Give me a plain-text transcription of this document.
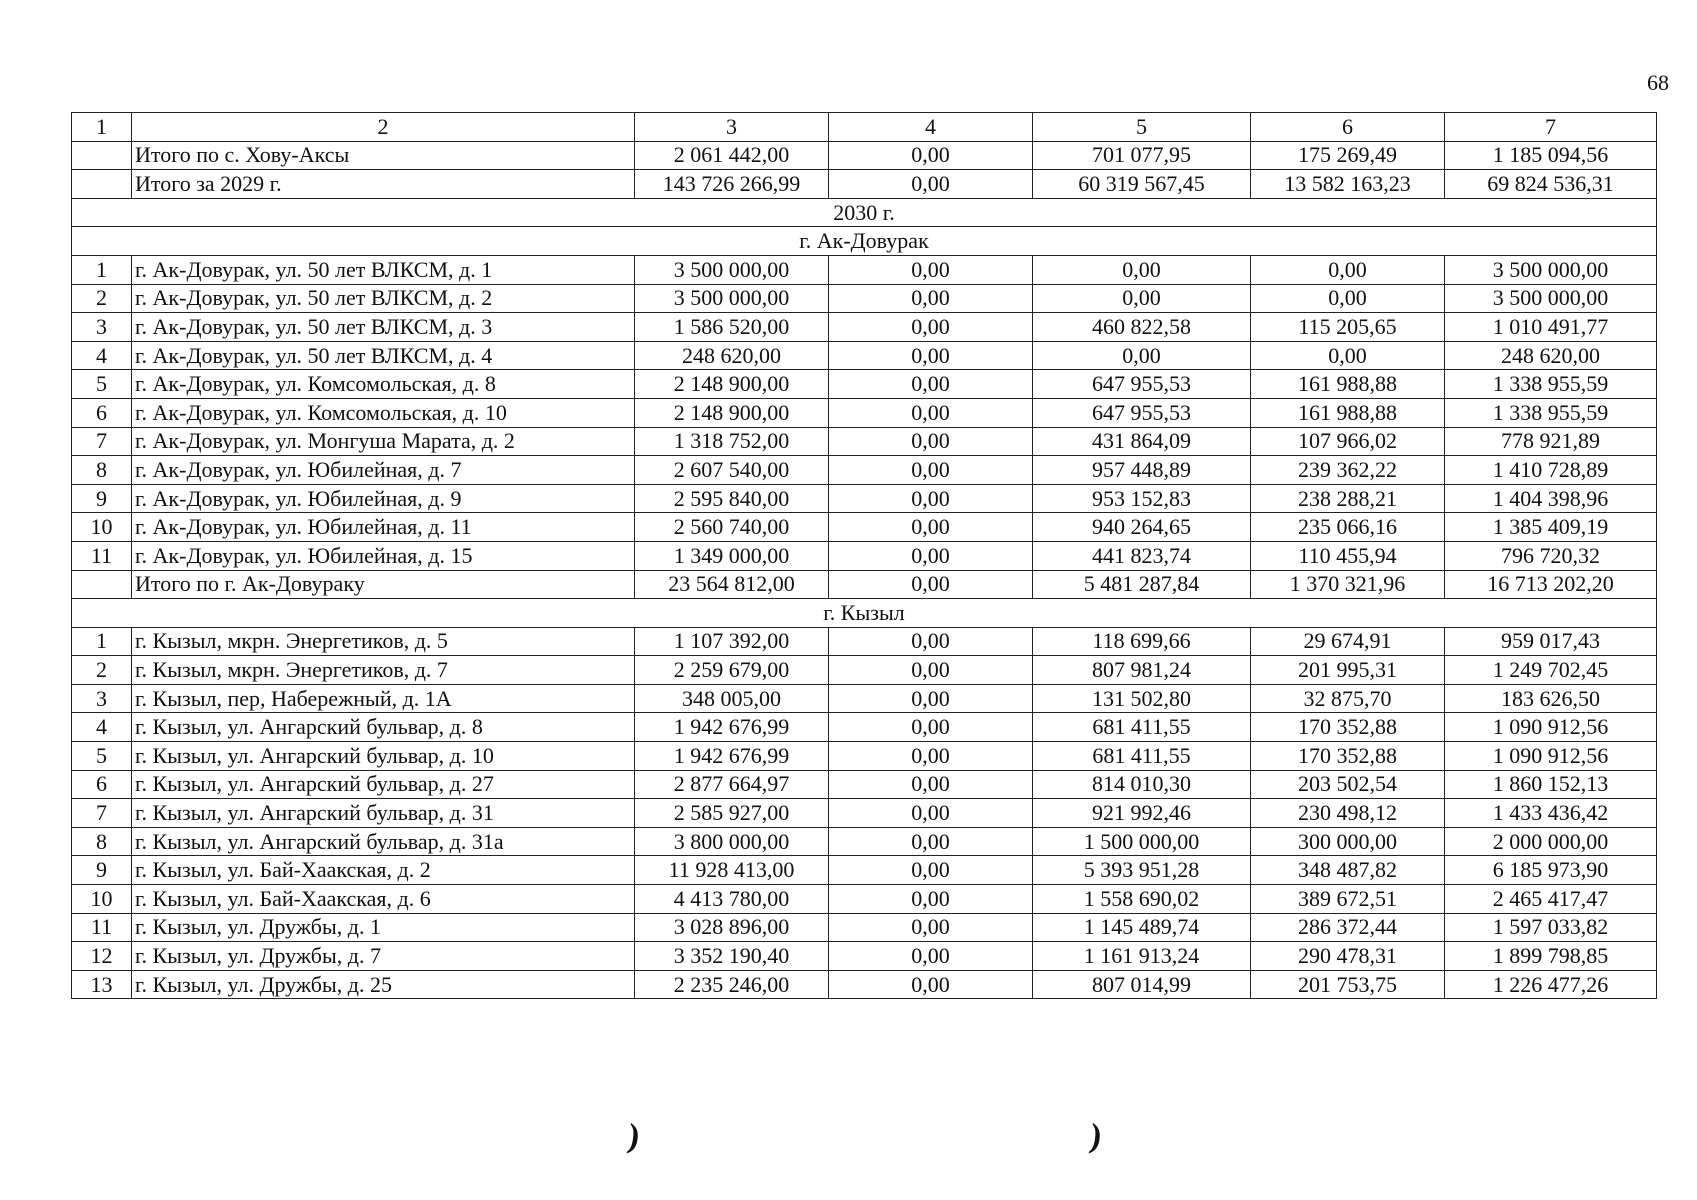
68
1	2	3	4	5	6	7
	Итого по с. Хову-Аксы	2 061 442,00	0,00	701 077,95	175 269,49	1 185 094,56
	Итого за 2029 г.	143 726 266,99	0,00	60 319 567,45	13 582 163,23	69 824 536,31
2030 г.						
г. Ак-Довурак						
1	г. Ак-Довурак, ул. 50 лет ВЛКСМ, д. 1	3 500 000,00	0,00	0,00	0,00	3 500 000,00
2	г. Ак-Довурак, ул. 50 лет ВЛКСМ, д. 2	3 500 000,00	0,00	0,00	0,00	3 500 000,00
3	г. Ак-Довурак, ул. 50 лет ВЛКСМ, д. 3	1 586 520,00	0,00	460 822,58	115 205,65	1 010 491,77
4	г. Ак-Довурак, ул. 50 лет ВЛКСМ, д. 4	248 620,00	0,00	0,00	0,00	248 620,00
5	г. Ак-Довурак, ул. Комсомольская, д. 8	2 148 900,00	0,00	647 955,53	161 988,88	1 338 955,59
6	г. Ак-Довурак, ул. Комсомольская, д. 10	2 148 900,00	0,00	647 955,53	161 988,88	1 338 955,59
7	г. Ак-Довурак, ул. Монгуша Марата, д. 2	1 318 752,00	0,00	431 864,09	107 966,02	778 921,89
8	г. Ак-Довурак, ул. Юбилейная, д. 7	2 607 540,00	0,00	957 448,89	239 362,22	1 410 728,89
9	г. Ак-Довурак, ул. Юбилейная, д. 9	2 595 840,00	0,00	953 152,83	238 288,21	1 404 398,96
10	г. Ак-Довурак, ул. Юбилейная, д. 11	2 560 740,00	0,00	940 264,65	235 066,16	1 385 409,19
11	г. Ак-Довурак, ул. Юбилейная, д. 15	1 349 000,00	0,00	441 823,74	110 455,94	796 720,32
	Итого по г. Ак-Довураку	23 564 812,00	0,00	5 481 287,84	1 370 321,96	16 713 202,20
г. Кызыл						
1	г. Кызыл, мкрн. Энергетиков, д. 5	1 107 392,00	0,00	118 699,66	29 674,91	959 017,43
2	г. Кызыл, мкрн. Энергетиков, д. 7	2 259 679,00	0,00	807 981,24	201 995,31	1 249 702,45
3	г. Кызыл, пер, Набережный, д. 1А	348 005,00	0,00	131 502,80	32 875,70	183 626,50
4	г. Кызыл, ул. Ангарский бульвар, д. 8	1 942 676,99	0,00	681 411,55	170 352,88	1 090 912,56
5	г. Кызыл, ул. Ангарский бульвар, д. 10	1 942 676,99	0,00	681 411,55	170 352,88	1 090 912,56
6	г. Кызыл, ул. Ангарский бульвар, д. 27	2 877 664,97	0,00	814 010,30	203 502,54	1 860 152,13
7	г. Кызыл, ул. Ангарский бульвар, д. 31	2 585 927,00	0,00	921 992,46	230 498,12	1 433 436,42
8	г. Кызыл, ул. Ангарский бульвар, д. 31а	3 800 000,00	0,00	1 500 000,00	300 000,00	2 000 000,00
9	г. Кызыл, ул. Бай-Хаакская, д. 2	11 928 413,00	0,00	5 393 951,28	348 487,82	6 185 973,90
10	г. Кызыл, ул. Бай-Хаакская, д. 6	4 413 780,00	0,00	1 558 690,02	389 672,51	2 465 417,47
11	г. Кызыл, ул. Дружбы, д. 1	3 028 896,00	0,00	1 145 489,74	286 372,44	1 597 033,82
12	г. Кызыл, ул. Дружбы, д. 7	3 352 190,40	0,00	1 161 913,24	290 478,31	1 899 798,85
13	г. Кызыл, ул. Дружбы, д. 25	2 235 246,00	0,00	807 014,99	201 753,75	1 226 477,26
)	)
